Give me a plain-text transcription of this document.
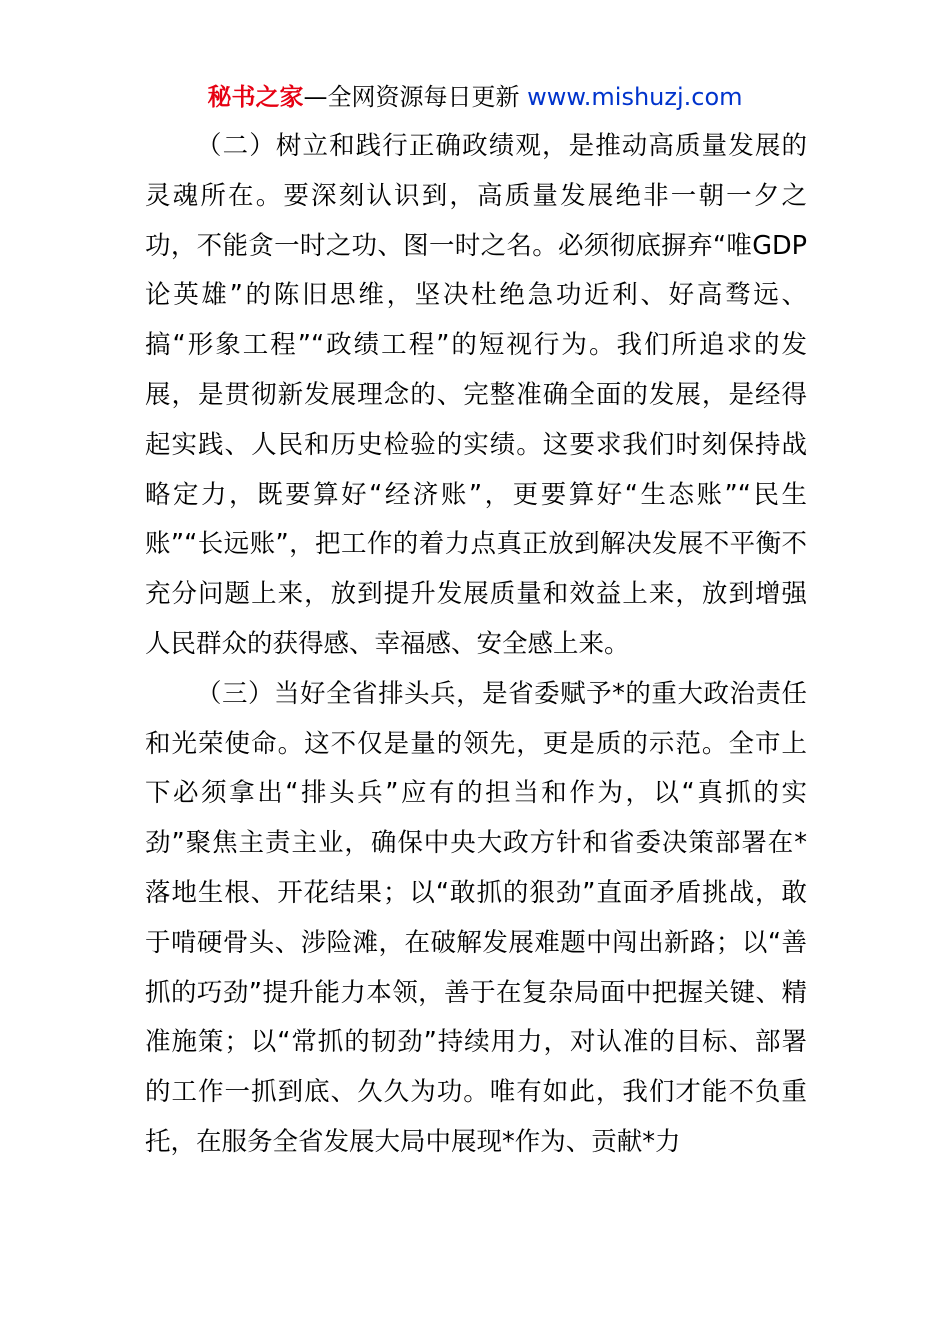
秘书之家—全网资源每日更新 www.mishuzj.com

（二）树立和践行正确政绩观，是推动高质量发展的灵魂所在。要深刻认识到，高质量发展绝非一朝一夕之功，不能贪一时之功、图一时之名。必须彻底摒弃“唯GDP论英雄”的陈旧思维，坚决杜绝急功近利、好高骛远、搞“形象工程”“政绩工程”的短视行为。我们所追求的发展，是贯彻新发展理念的、完整准确全面的发展，是经得起实践、人民和历史检验的实绩。这要求我们时刻保持战略定力，既要算好“经济账”，更要算好“生态账”“民生账”“长远账”，把工作的着力点真正放到解决发展不平衡不充分问题上来，放到提升发展质量和效益上来，放到增强人民群众的获得感、幸福感、安全感上来。

（三）当好全省排头兵，是省委赋予*的重大政治责任和光荣使命。这不仅是量的领先，更是质的示范。全市上下必须拿出“排头兵”应有的担当和作为，以“真抓的实劲”聚焦主责主业，确保中央大政方针和省委决策部署在*落地生根、开花结果；以“敢抓的狠劲”直面矛盾挑战，敢于啃硬骨头、涉险滩，在破解发展难题中闯出新路；以“善抓的巧劲”提升能力本领，善于在复杂局面中把握关键、精准施策；以“常抓的韧劲”持续用力，对认准的目标、部署的工作一抓到底、久久为功。唯有如此，我们才能不负重托，在服务全省发展大局中展现*作为、贡献*力
